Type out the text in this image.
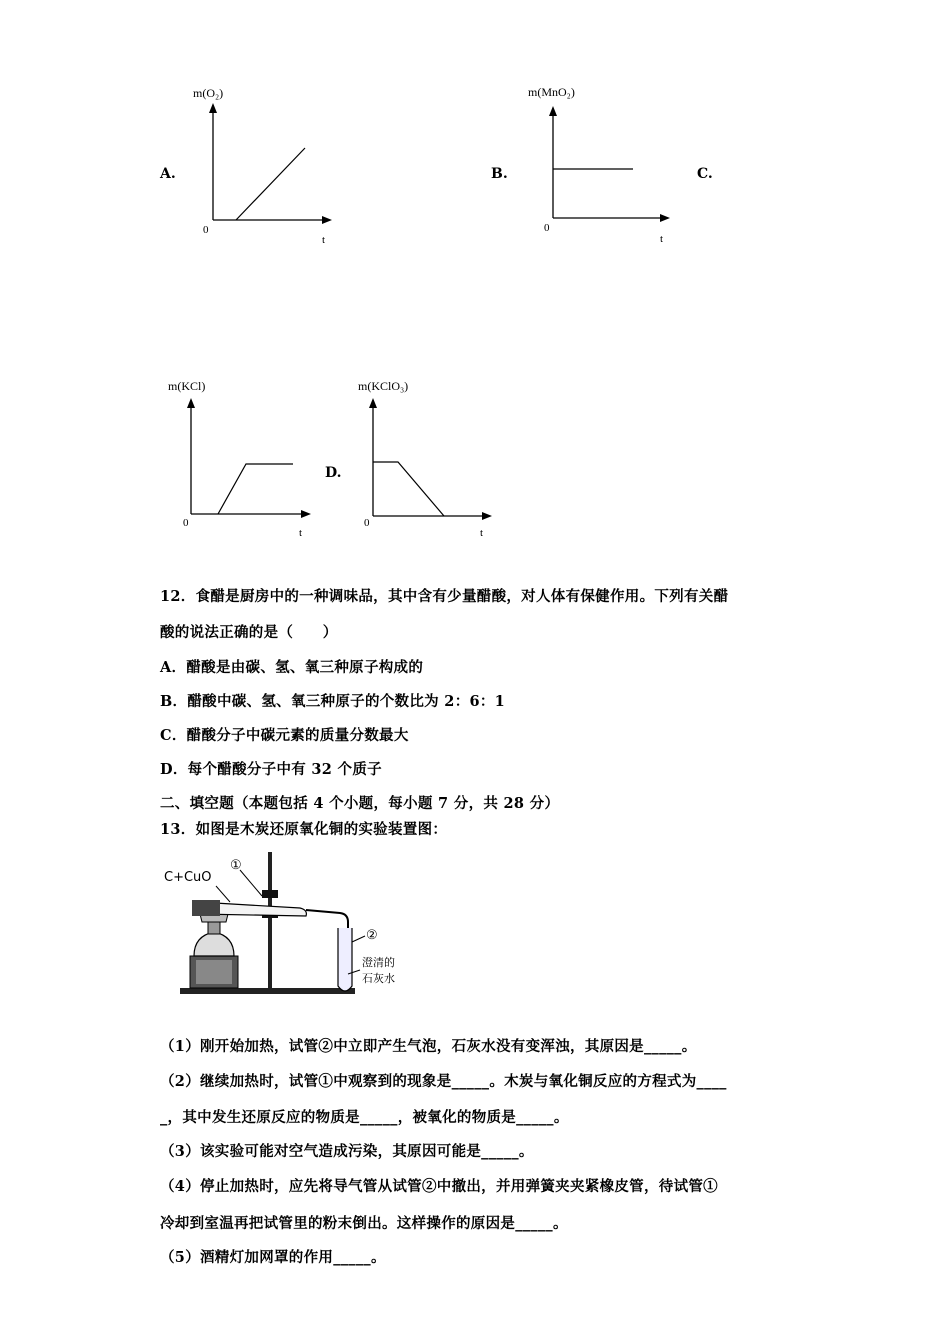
A.
m(O₂)
0
t
B.
m(MnO₂)
0
t
C.
m(KCl)
0
t
D.
m(KClO₃)
0
t
12．食醋是厨房中的一种调味品，其中含有少量醋酸，对人体有保健作用。下列有关醋
酸的说法正确的是（　　）
A．醋酸是由碳、氢、氧三种原子构成的
B．醋酸中碳、氢、氧三种原子的个数比为 2：6：1
C．醋酸分子中碳元素的质量分数最大
D．每个醋酸分子中有 32 个质子
二、填空题（本题包括 4 个小题，每小题 7 分，共 28 分）
13．如图是木炭还原氧化铜的实验装置图：
C+CuO
①
②
澄清的
石灰水
（1）刚开始加热，试管②中立即产生气泡，石灰水没有变浑浊，其原因是_____。
（2）继续加热时，试管①中观察到的现象是_____。木炭与氧化铜反应的方程式为____
_，其中发生还原反应的物质是_____，被氧化的物质是_____。
（3）该实验可能对空气造成污染，其原因可能是_____。
（4）停止加热时，应先将导气管从试管②中撤出，并用弹簧夹夹紧橡皮管，待试管①
冷却到室温再把试管里的粉末倒出。这样操作的原因是_____。
（5）酒精灯加网罩的作用_____。
